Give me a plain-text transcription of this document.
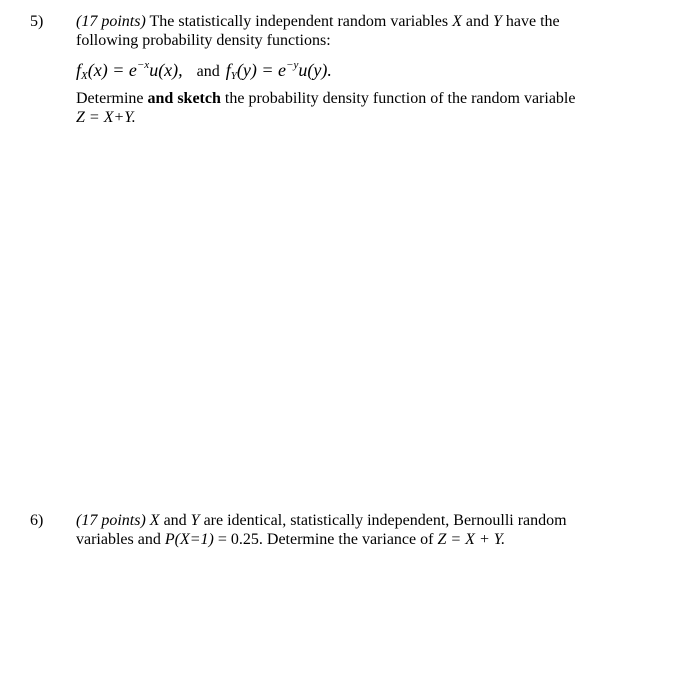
5) (17 points) The statistically independent random variables X and Y have the
following probability density functions:
$f_X(x) = e^{-x}u(x)$, and $f_Y(y) = e^{-y}u(y)$.
Determine and sketch the probability density function of the random variable
Z = X+Y.
6) (17 points) X and Y are identical, statistically independent, Bernoulli random
variables and P(X=1) = 0.25. Determine the variance of Z = X + Y.
